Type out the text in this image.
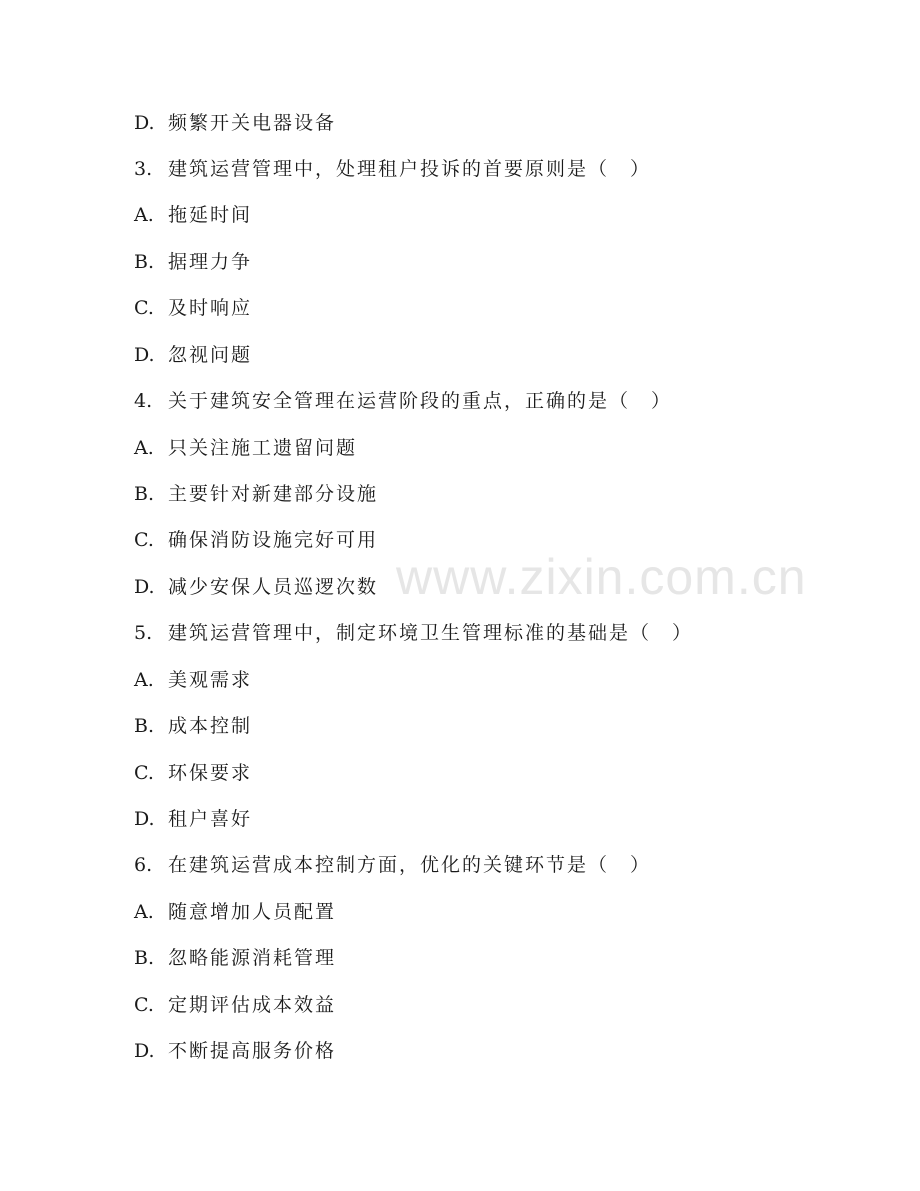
www.zixin.com.cn
D. 频繁开关电器设备
3. 建筑运营管理中，处理租户投诉的首要原则是（　）
A. 拖延时间
B. 据理力争
C. 及时响应
D. 忽视问题
4. 关于建筑安全管理在运营阶段的重点，正确的是（　）
A. 只关注施工遗留问题
B. 主要针对新建部分设施
C. 确保消防设施完好可用
D. 减少安保人员巡逻次数
5. 建筑运营管理中，制定环境卫生管理标准的基础是（　）
A. 美观需求
B. 成本控制
C. 环保要求
D. 租户喜好
6. 在建筑运营成本控制方面，优化的关键环节是（　）
A. 随意增加人员配置
B. 忽略能源消耗管理
C. 定期评估成本效益
D. 不断提高服务价格
